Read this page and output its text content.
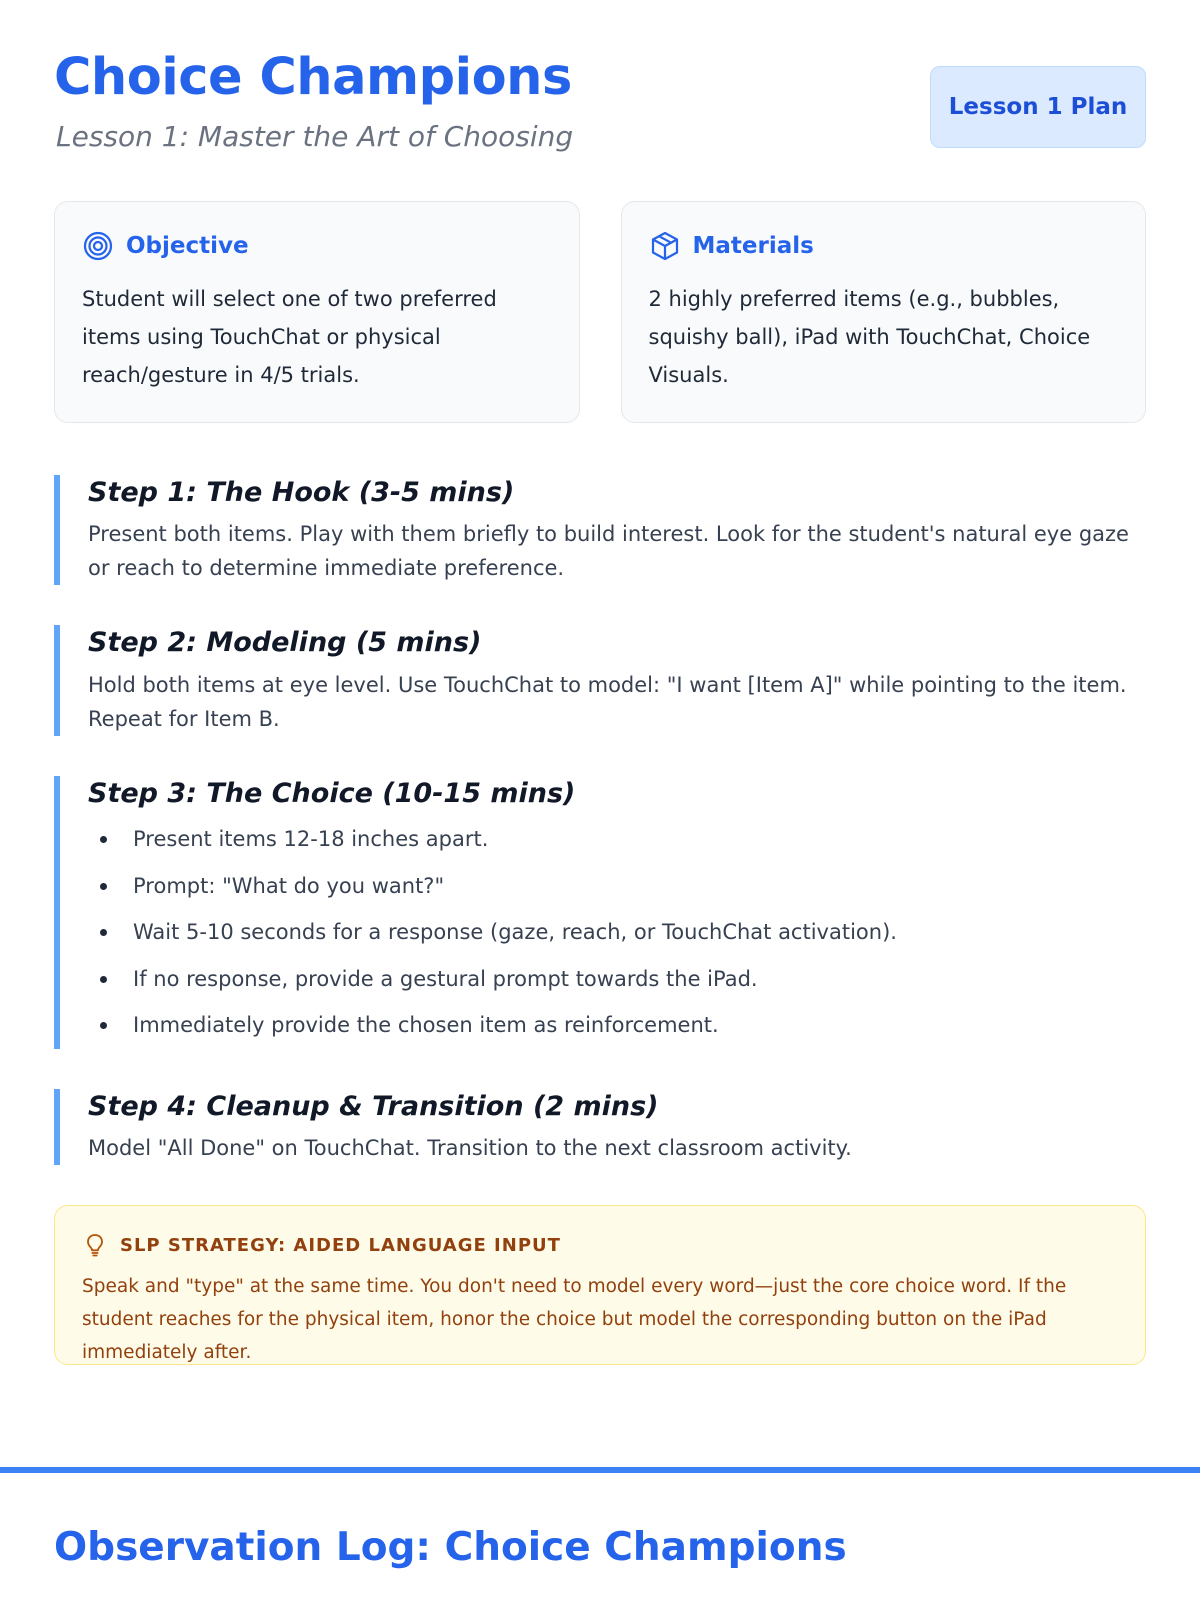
Choice Champions
Lesson 1: Master the Art of Choosing
Lesson 1 Plan
Objective
Student will select one of two preferred items using TouchChat or physical reach/gesture in 4/5 trials.
Materials
2 highly preferred items (e.g., bubbles, squishy ball), iPad with TouchChat, Choice Visuals.
Step 1: The Hook (3-5 mins)
Present both items. Play with them briefly to build interest. Look for the student's natural eye gaze or reach to determine immediate preference.
Step 2: Modeling (5 mins)
Hold both items at eye level. Use TouchChat to model: "I want [Item A]" while pointing to the item. Repeat for Item B.
Step 3: The Choice (10-15 mins)
Present items 12-18 inches apart.
Prompt: "What do you want?"
Wait 5-10 seconds for a response (gaze, reach, or TouchChat activation).
If no response, provide a gestural prompt towards the iPad.
Immediately provide the chosen item as reinforcement.
Step 4: Cleanup & Transition (2 mins)
Model "All Done" on TouchChat. Transition to the next classroom activity.
SLP STRATEGY: AIDED LANGUAGE INPUT
Speak and "type" at the same time. You don't need to model every word—just the core choice word. If the student reaches for the physical item, honor the choice but model the corresponding button on the iPad immediately after.
Observation Log: Choice Champions
